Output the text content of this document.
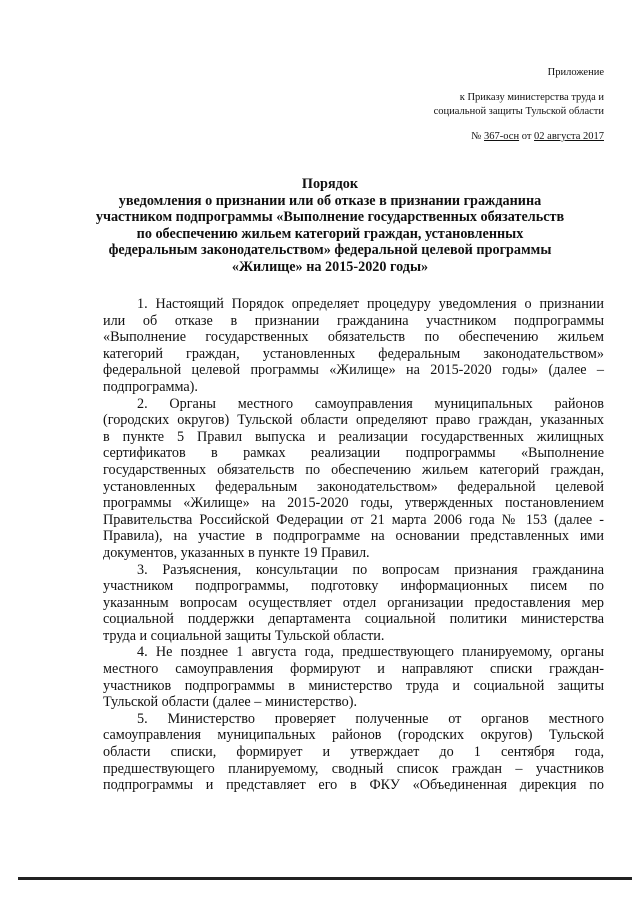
Приложение
к Приказу министерства труда и
социальной защиты Тульской области
№ 367-осн от 02 августа 2017
Порядок
уведомления о признании или об отказе в признании гражданина
участником подпрограммы «Выполнение государственных обязательств
по обеспечению жильем категорий граждан, установленных
федеральным законодательством» федеральной целевой программы
«Жилище» на 2015-2020 годы»
1. Настоящий Порядок определяет процедуру уведомления о признании
или об отказе в признании гражданина участником подпрограммы
«Выполнение государственных обязательств по обеспечению жильем
категорий граждан, установленных федеральным законодательством»
федеральной целевой программы «Жилище» на 2015-2020 годы» (далее –
подпрограмма).
2. Органы местного самоуправления муниципальных районов
(городских округов) Тульской области определяют право граждан, указанных
в пункте 5 Правил выпуска и реализации государственных жилищных
сертификатов в рамках реализации подпрограммы «Выполнение
государственных обязательств по обеспечению жильем категорий граждан,
установленных федеральным законодательством» федеральной целевой
программы «Жилище» на 2015-2020 годы, утвержденных постановлением
Правительства Российской Федерации от 21 марта 2006 года № 153 (далее -
Правила), на участие в подпрограмме на основании представленных ими
документов, указанных в пункте 19 Правил.
3. Разъяснения, консультации по вопросам признания гражданина
участником подпрограммы, подготовку информационных писем по
указанным вопросам осуществляет отдел организации предоставления мер
социальной поддержки департамента социальной политики министерства
труда и социальной защиты Тульской области.
4. Не позднее 1 августа года, предшествующего планируемому, органы
местного самоуправления формируют и направляют списки граждан-
участников подпрограммы в министерство труда и социальной защиты
Тульской области (далее – министерство).
5. Министерство проверяет полученные от органов местного
самоуправления муниципальных районов (городских округов) Тульской
области списки, формирует и утверждает до 1 сентября года,
предшествующего планируемому, сводный список граждан – участников
подпрограммы и представляет его в ФКУ «Объединенная дирекция по
